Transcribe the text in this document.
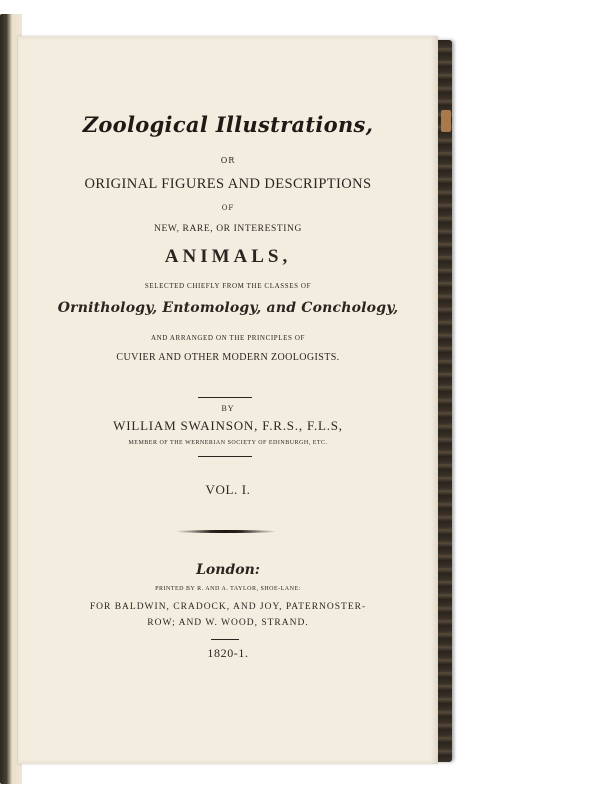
Zoological Illustrations,
OR
ORIGINAL FIGURES AND DESCRIPTIONS
OF
NEW, RARE, OR INTERESTING
ANIMALS,
SELECTED CHIEFLY FROM THE CLASSES OF
Ornithology, Entomology, and Conchology,
AND ARRANGED ON THE PRINCIPLES OF
CUVIER AND OTHER MODERN ZOOLOGISTS.
BY
WILLIAM SWAINSON, F.R.S., F.L.S,
MEMBER OF THE WERNERIAN SOCIETY OF EDINBURGH, ETC.
VOL. I.
London:
PRINTED BY R. AND A. TAYLOR, SHOE-LANE:
FOR BALDWIN, CRADOCK, AND JOY, PATERNOSTER-
ROW; AND W. WOOD, STRAND.
1820-1.
